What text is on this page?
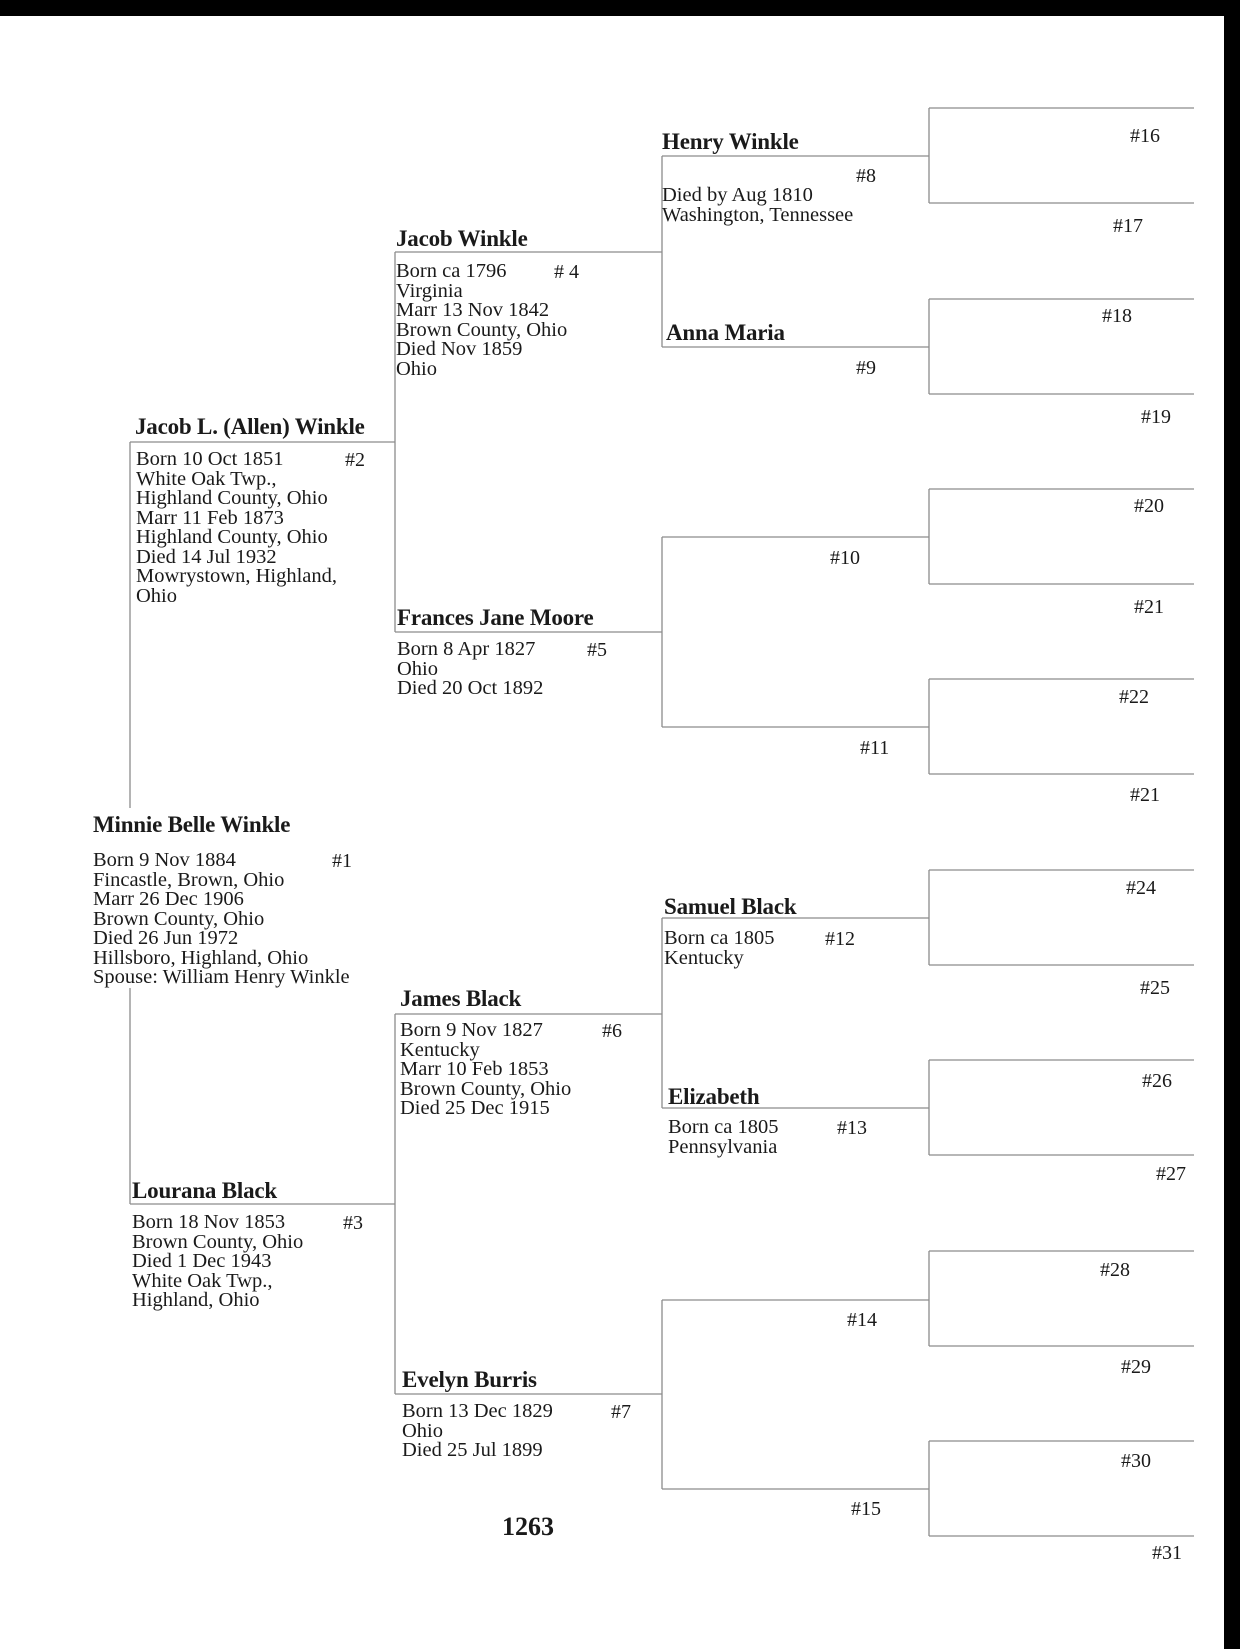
Minnie Belle Winkle
#1
Born 9 Nov 1884
Fincastle, Brown, Ohio
Marr 26 Dec 1906
Brown County, Ohio
Died 26 Jun 1972
Hillsboro, Highland, Ohio
Spouse: William Henry Winkle
Jacob L. (Allen) Winkle
#2
Born 10 Oct 1851
White Oak Twp.,
Highland County, Ohio
Marr 11 Feb 1873
Highland County, Ohio
Died 14 Jul 1932
Mowrystown, Highland,
Ohio
Lourana Black
#3
Born 18 Nov 1853
Brown County, Ohio
Died 1 Dec 1943
White Oak Twp.,
Highland, Ohio
Jacob Winkle
# 4
Born ca 1796
Virginia
Marr 13 Nov 1842
Brown County, Ohio
Died Nov 1859
Ohio
Frances Jane Moore
#5
Born 8 Apr 1827
Ohio
Died 20 Oct 1892
James Black
#6
Born 9 Nov 1827
Kentucky
Marr 10 Feb 1853
Brown County, Ohio
Died 25 Dec 1915
Evelyn Burris
#7
Born 13 Dec 1829
Ohio
Died 25 Jul 1899
Henry Winkle
#8
Died by Aug 1810
Washington, Tennessee
Anna Maria
#9
#10
#11
Samuel Black
#12
Born ca 1805
Kentucky
Elizabeth
#13
Born ca 1805
Pennsylvania
#14
#15
#16
#17
#18
#19
#20
#21
#22
#21
#24
#25
#26
#27
#28
#29
#30
#31
1263
